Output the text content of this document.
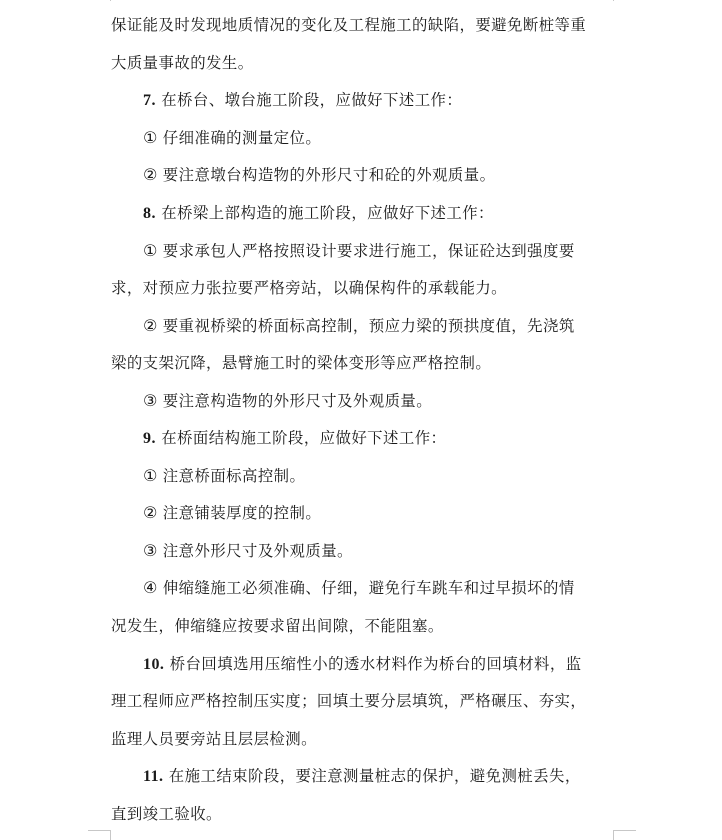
保证能及时发现地质情况的变化及工程施工的缺陷，要避免断桩等重
大质量事故的发生。
7. 在桥台、墩台施工阶段，应做好下述工作：
① 仔细准确的测量定位。
② 要注意墩台构造物的外形尺寸和砼的外观质量。
8. 在桥梁上部构造的施工阶段，应做好下述工作：
① 要求承包人严格按照设计要求进行施工，保证砼达到强度要
求，对预应力张拉要严格旁站，以确保构件的承载能力。
② 要重视桥梁的桥面标高控制，预应力梁的预拱度值，先浇筑
梁的支架沉降，悬臂施工时的梁体变形等应严格控制。
③ 要注意构造物的外形尺寸及外观质量。
9. 在桥面结构施工阶段，应做好下述工作：
① 注意桥面标高控制。
② 注意铺装厚度的控制。
③ 注意外形尺寸及外观质量。
④ 伸缩缝施工必须准确、仔细，避免行车跳车和过早损坏的情
况发生，伸缩缝应按要求留出间隙，不能阻塞。
10. 桥台回填选用压缩性小的透水材料作为桥台的回填材料，监
理工程师应严格控制压实度；回填土要分层填筑，严格碾压、夯实，
监理人员要旁站且层层检测。
11. 在施工结束阶段，要注意测量桩志的保护，避免测桩丢失，
直到竣工验收。
